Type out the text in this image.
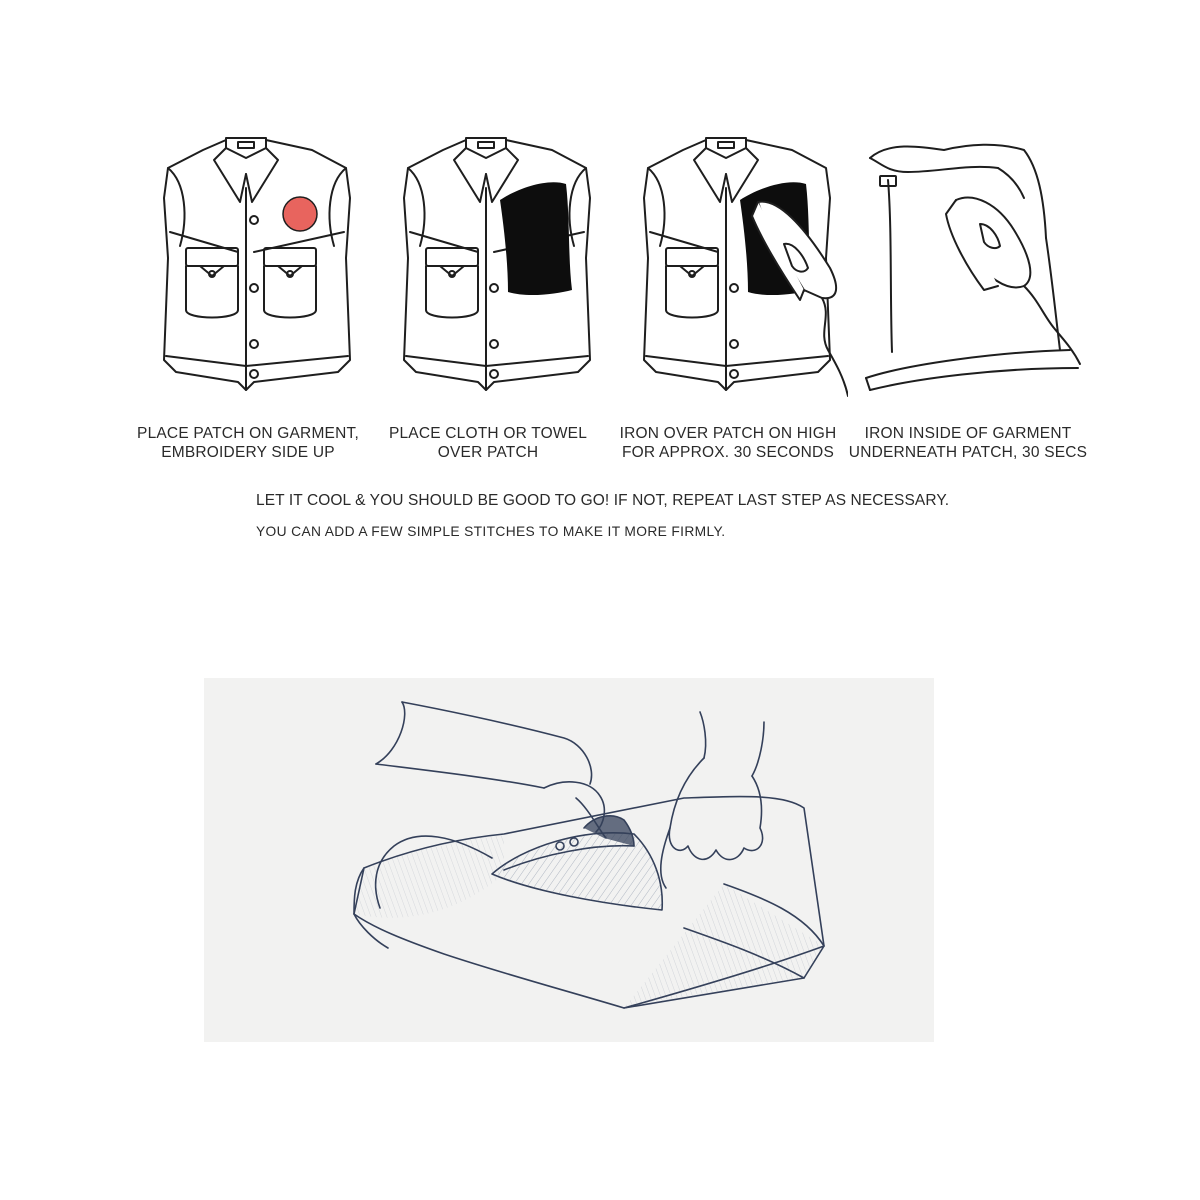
PLACE PATCH ON GARMENT,
EMBROIDERY SIDE UP
PLACE CLOTH OR TOWEL
OVER PATCH
IRON OVER PATCH ON HIGH
FOR APPROX. 30 SECONDS
IRON INSIDE OF GARMENT
UNDERNEATH PATCH, 30 SECS
LET IT COOL & YOU SHOULD BE GOOD TO GO! IF NOT, REPEAT LAST STEP AS NECESSARY.
YOU CAN ADD A FEW SIMPLE STITCHES TO MAKE IT MORE FIRMLY.
